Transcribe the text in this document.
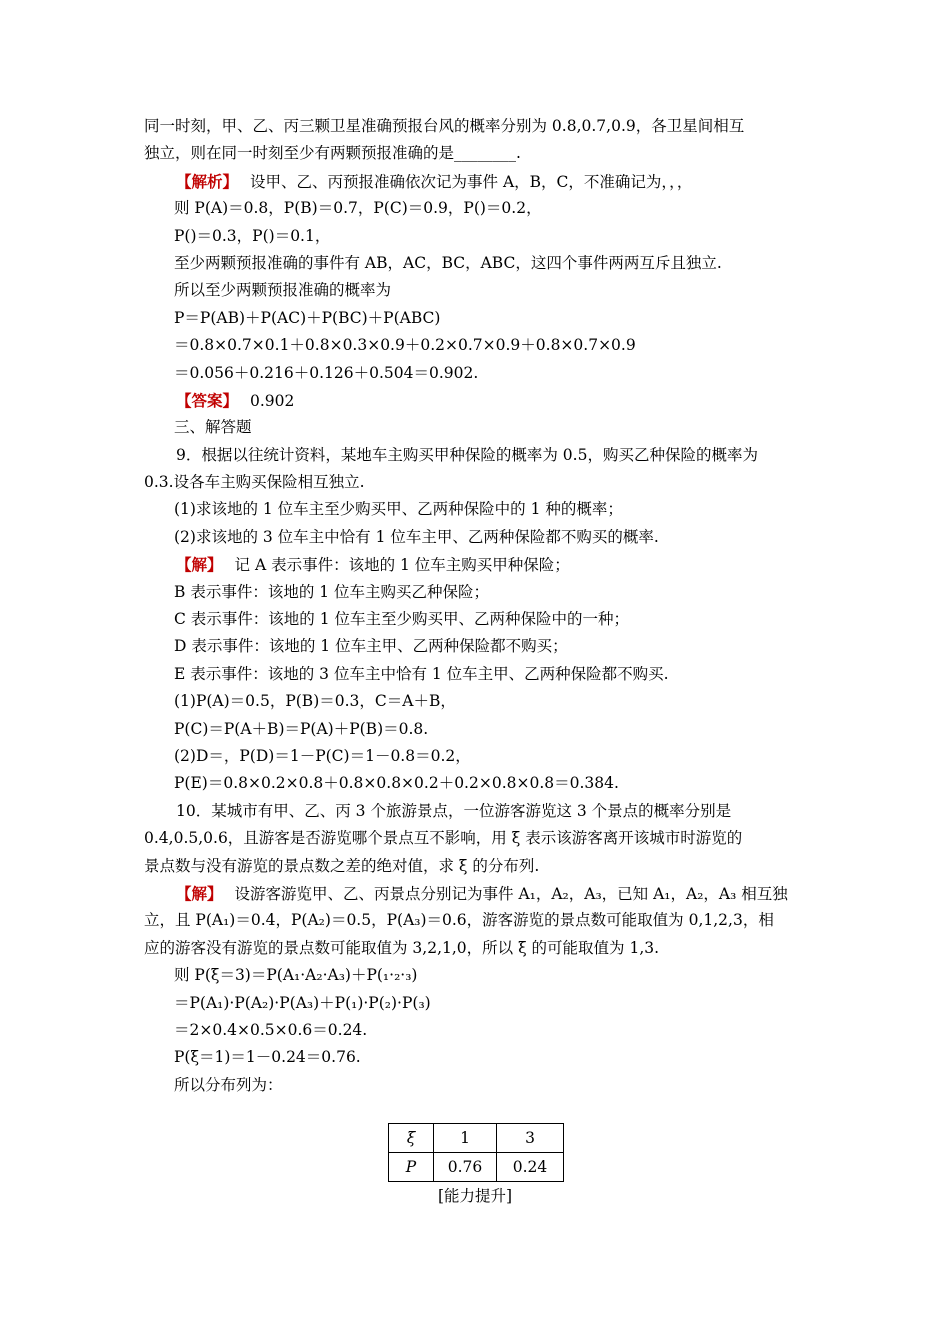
同一时刻，甲、乙、丙三颗卫星准确预报台风的概率分别为 0.8,0.7,0.9，各卫星间相互
独立，则在同一时刻至少有两颗预报准确的是________.
【解析】 设甲、乙、丙预报准确依次记为事件 A，B，C，不准确记为，，，
则 P(A)＝0.8，P(B)＝0.7，P(C)＝0.9，P()＝0.2，
P()＝0.3，P()＝0.1，
至少两颗预报准确的事件有 AB，AC，BC，ABC，这四个事件两两互斥且独立.
所以至少两颗预报准确的概率为
P＝P(AB)＋P(AC)＋P(BC)＋P(ABC)
＝0.8×0.7×0.1＋0.8×0.3×0.9＋0.2×0.7×0.9＋0.8×0.7×0.9
＝0.056＋0.216＋0.126＋0.504＝0.902.
【答案】 0.902
三、解答题
9．根据以往统计资料，某地车主购买甲种保险的概率为 0.5，购买乙种保险的概率为
0.3.设各车主购买保险相互独立.
(1)求该地的 1 位车主至少购买甲、乙两种保险中的 1 种的概率；
(2)求该地的 3 位车主中恰有 1 位车主甲、乙两种保险都不购买的概率.
【解】 记 A 表示事件：该地的 1 位车主购买甲种保险；
B 表示事件：该地的 1 位车主购买乙种保险；
C 表示事件：该地的 1 位车主至少购买甲、乙两种保险中的一种；
D 表示事件：该地的 1 位车主甲、乙两种保险都不购买；
E 表示事件：该地的 3 位车主中恰有 1 位车主甲、乙两种保险都不购买.
(1)P(A)＝0.5，P(B)＝0.3，C＝A＋B，
P(C)＝P(A＋B)＝P(A)＋P(B)＝0.8.
(2)D＝，P(D)＝1－P(C)＝1－0.8＝0.2，
P(E)＝0.8×0.2×0.8＋0.8×0.8×0.2＋0.2×0.8×0.8＝0.384.
10．某城市有甲、乙、丙 3 个旅游景点，一位游客游览这 3 个景点的概率分别是
0.4,0.5,0.6，且游客是否游览哪个景点互不影响，用 ξ 表示该游客离开该城市时游览的
景点数与没有游览的景点数之差的绝对值，求 ξ 的分布列.
【解】 设游客游览甲、乙、丙景点分别记为事件 A₁，A₂，A₃，已知 A₁，A₂，A₃ 相互独
立，且 P(A₁)＝0.4，P(A₂)＝0.5，P(A₃)＝0.6，游客游览的景点数可能取值为 0,1,2,3，相
应的游客没有游览的景点数可能取值为 3,2,1,0，所以 ξ 的可能取值为 1,3.
则 P(ξ＝3)＝P(A₁·A₂·A₃)＋P(₁·₂·₃)
＝P(A₁)·P(A₂)·P(A₃)＋P(₁)·P(₂)·P(₃)
＝2×0.4×0.5×0.6＝0.24.
P(ξ＝1)＝1－0.24＝0.76.
所以分布列为：
ξ	1	3
P	0.76	0.24
[能力提升]
